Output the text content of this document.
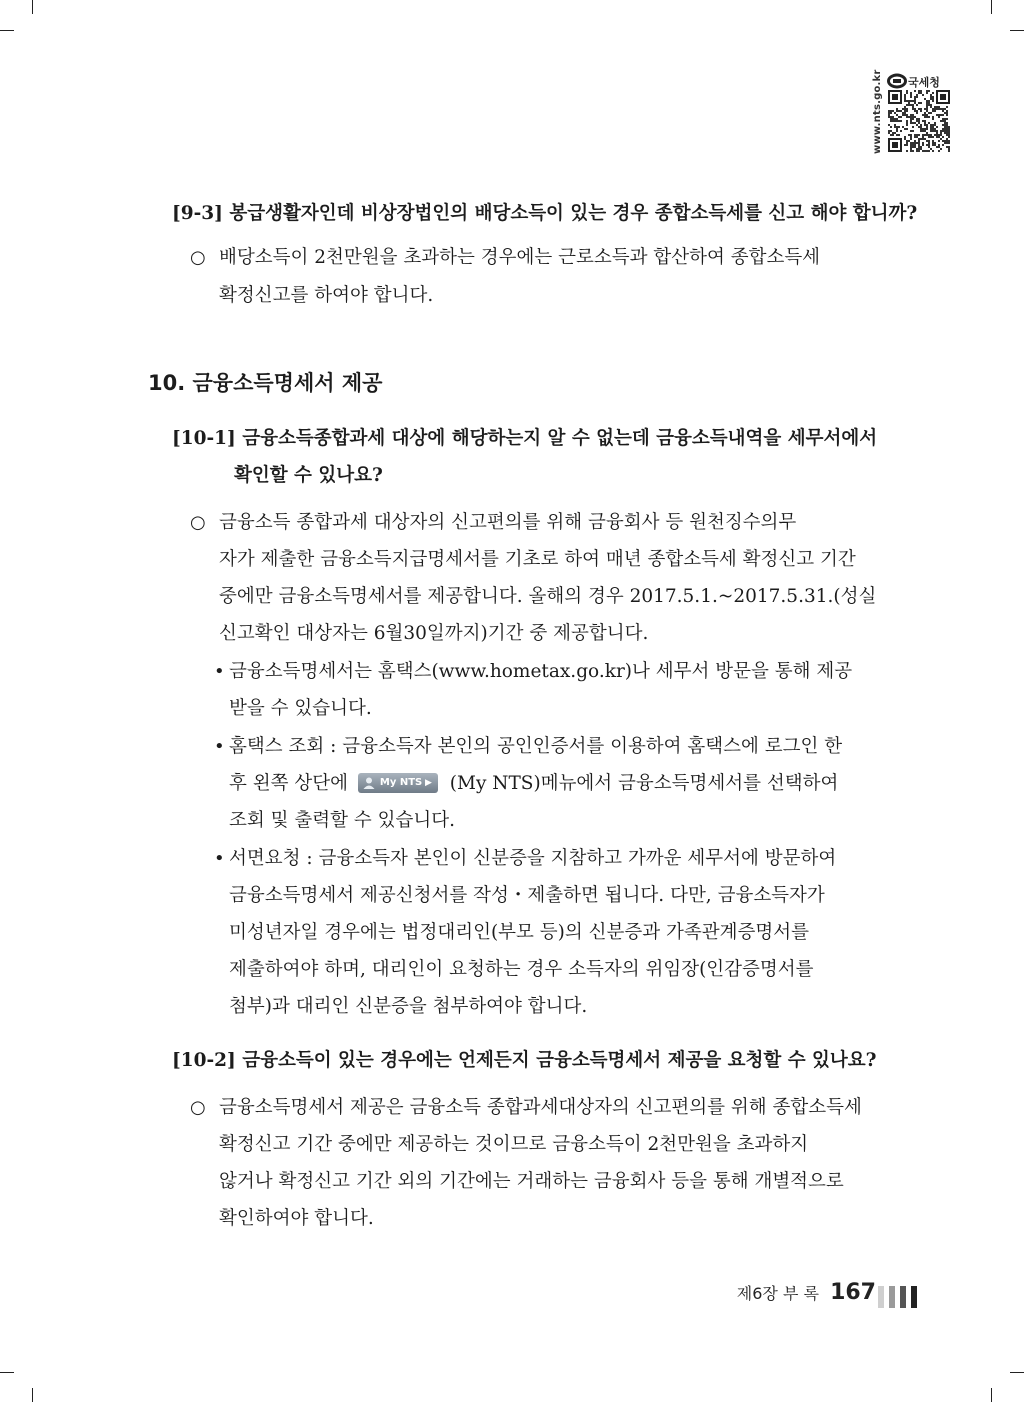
www.nts.go.kr 국세청
[9-3] 봉급생활자인데 비상장법인의 배당소득이 있는 경우 종합소득세를 신고 해야 합니까?
○ 배당소득이 2천만원을 초과하는 경우에는 근로소득과 합산하여 종합소득세
확정신고를 하여야 합니다.
10. 금융소득명세서 제공
[10-1] 금융소득종합과세 대상에 해당하는지 알 수 없는데 금융소득내역을 세무서에서
확인할 수 있나요?
○ 금융소득 종합과세 대상자의 신고편의를 위해 금융회사 등 원천징수의무
자가 제출한 금융소득지급명세서를 기초로 하여 매년 종합소득세 확정신고 기간
중에만 금융소득명세서를 제공합니다. 올해의 경우 2017.5.1.~2017.5.31.(성실
신고확인 대상자는 6월30일까지)기간 중 제공합니다.
• 금융소득명세서는 홈택스(www.hometax.go.kr)나 세무서 방문을 통해 제공
받을 수 있습니다.
• 홈택스 조회 : 금융소득자 본인의 공인인증서를 이용하여 홈택스에 로그인 한
후 왼쪽 상단에	My NTS ▶ (My NTS)메뉴에서 금융소득명세서를 선택하여
조회 및 출력할 수 있습니다.
• 서면요청 : 금융소득자 본인이 신분증을 지참하고 가까운 세무서에 방문하여
금융소득명세서 제공신청서를 작성・제출하면 됩니다. 다만, 금융소득자가
미성년자일 경우에는 법정대리인(부모 등)의 신분증과 가족관계증명서를
제출하여야 하며, 대리인이 요청하는 경우 소득자의 위임장(인감증명서를
첨부)과 대리인 신분증을 첨부하여야 합니다.
[10-2] 금융소득이 있는 경우에는 언제든지 금융소득명세서 제공을 요청할 수 있나요?
○ 금융소득명세서 제공은 금융소득 종합과세대상자의 신고편의를 위해 종합소득세
확정신고 기간 중에만 제공하는 것이므로 금융소득이 2천만원을 초과하지
않거나 확정신고 기간 외의 기간에는 거래하는 금융회사 등을 통해 개별적으로
확인하여야 합니다.
제6장 부 록 167
